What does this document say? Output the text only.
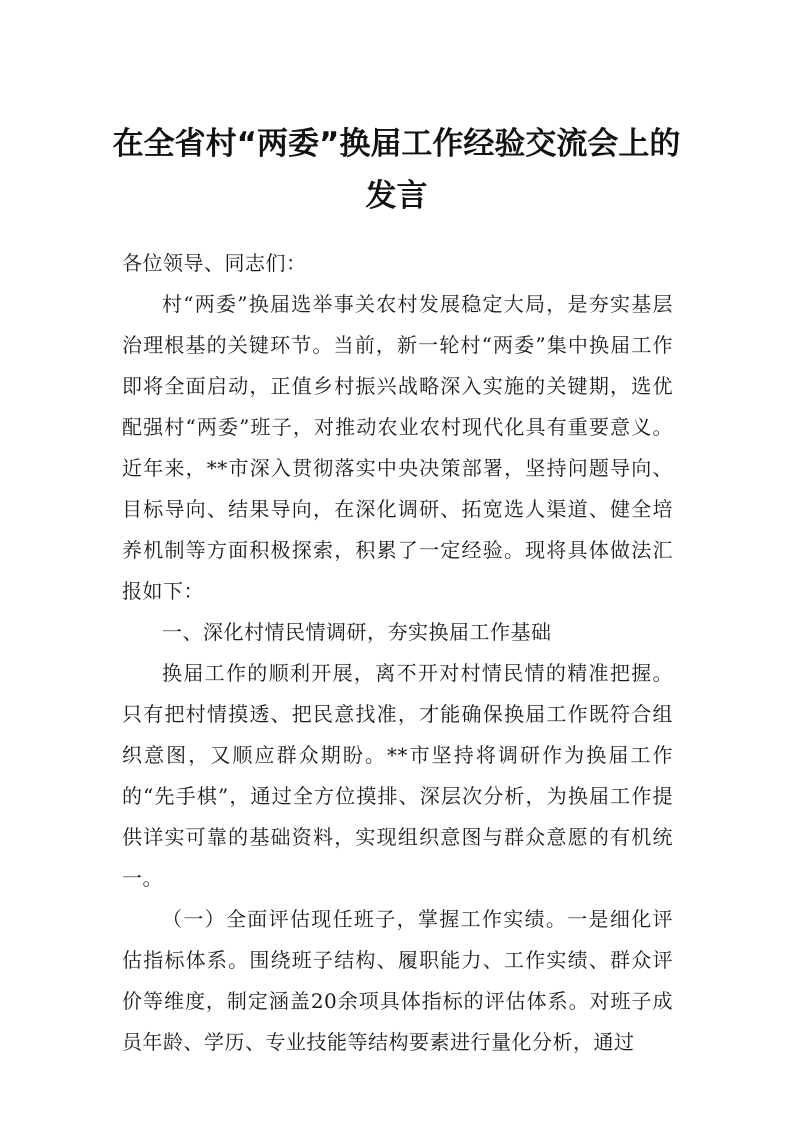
在全省村“两委”换届工作经验交流会上的发言

各位领导、同志们：

村“两委”换届选举事关农村发展稳定大局，是夯实基层治理根基的关键环节。当前，新一轮村“两委”集中换届工作即将全面启动，正值乡村振兴战略深入实施的关键期，选优配强村“两委”班子，对推动农业农村现代化具有重要意义。近年来，**市深入贯彻落实中央决策部署，坚持问题导向、目标导向、结果导向，在深化调研、拓宽选人渠道、健全培养机制等方面积极探索，积累了一定经验。现将具体做法汇报如下：

一、深化村情民情调研，夯实换届工作基础

换届工作的顺利开展，离不开对村情民情的精准把握。只有把村情摸透、把民意找准，才能确保换届工作既符合组织意图，又顺应群众期盼。**市坚持将调研作为换届工作的“先手棋”，通过全方位摸排、深层次分析，为换届工作提供详实可靠的基础资料，实现组织意图与群众意愿的有机统一。

（一）全面评估现任班子，掌握工作实绩。一是细化评估指标体系。围绕班子结构、履职能力、工作实绩、群众评价等维度，制定涵盖20余项具体指标的评估体系。对班子成员年龄、学历、专业技能等结构要素进行量化分析，通过
